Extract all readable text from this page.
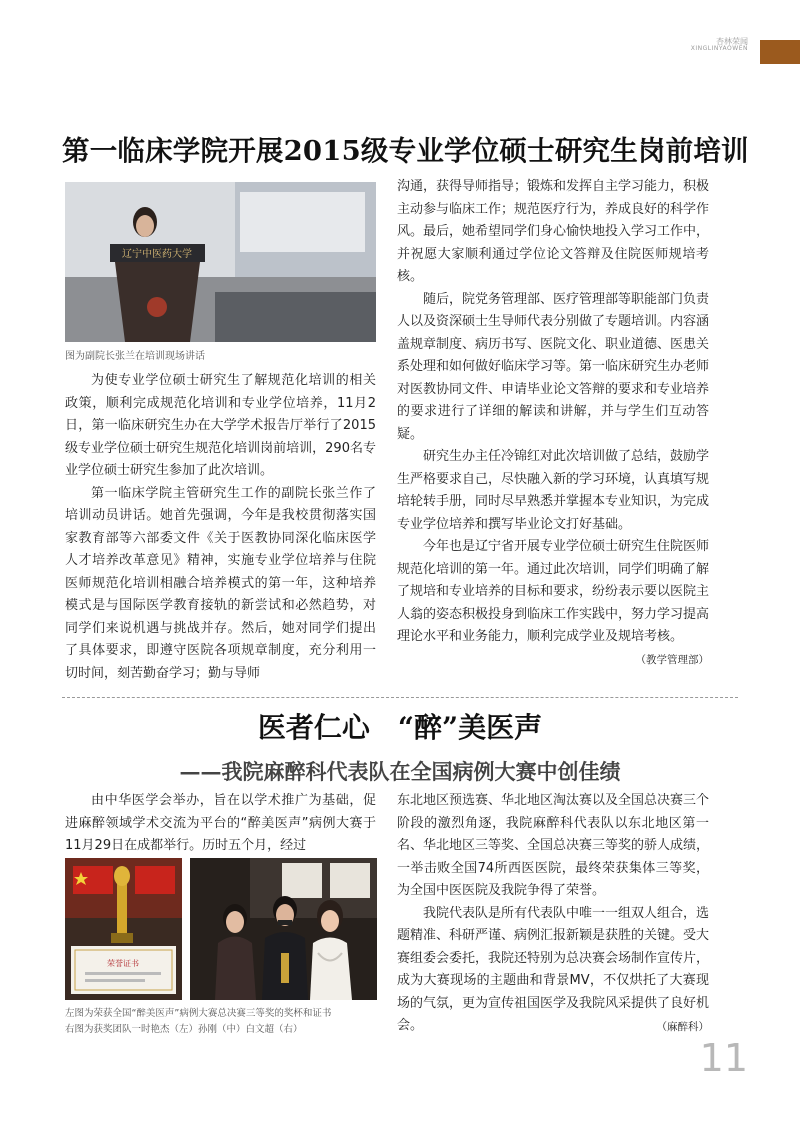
杏林荣闻
XINGLINYAOWEN
第一临床学院开展2015级专业学位硕士研究生岗前培训
辽宁中医药大学
图为副院长张兰在培训现场讲话

为使专业学位硕士研究生了解规范化培训的相关政策，顺利完成规范化培训和专业学位培养，11月2日，第一临床研究生办在大学学术报告厅举行了2015级专业学位硕士研究生规范化培训岗前培训，290名专业学位硕士研究生参加了此次培训。

第一临床学院主管研究生工作的副院长张兰作了培训动员讲话。她首先强调，今年是我校贯彻落实国家教育部等六部委文件《关于医教协同深化临床医学人才培养改革意见》精神，实施专业学位培养与住院医师规范化培训相融合培养模式的第一年，这种培养模式是与国际医学教育接轨的新尝试和必然趋势，对同学们来说机遇与挑战并存。然后，她对同学们提出了具体要求，即遵守医院各项规章制度，充分利用一切时间，刻苦勤奋学习；勤与导师

沟通，获得导师指导；锻炼和发挥自主学习能力，积极主动参与临床工作；规范医疗行为，养成良好的科学作风。最后，她希望同学们身心愉快地投入学习工作中，并祝愿大家顺利通过学位论文答辩及住院医师规培考核。

随后，院党务管理部、医疗管理部等职能部门负责人以及资深硕士生导师代表分别做了专题培训。内容涵盖规章制度、病历书写、医院文化、职业道德、医患关系处理和如何做好临床学习等。第一临床研究生办老师对医教协同文件、申请毕业论文答辩的要求和专业培养的要求进行了详细的解读和讲解，并与学生们互动答疑。

研究生办主任冷锦红对此次培训做了总结，鼓励学生严格要求自己，尽快融入新的学习环境，认真填写规培轮转手册，同时尽早熟悉并掌握本专业知识，为完成专业学位培养和撰写毕业论文打好基础。

今年也是辽宁省开展专业学位硕士研究生住院医师规范化培训的第一年。通过此次培训，同学们明确了解了规培和专业培养的目标和要求，纷纷表示要以医院主人翁的姿态积极投身到临床工作实践中，努力学习提高理论水平和业务能力，顺利完成学业及规培考核。

（教学管理部）

医者仁心　“醉”美医声
——我院麻醉科代表队在全国病例大赛中创佳绩

由中华医学会举办，旨在以学术推广为基础，促进麻醉领域学术交流为平台的“醉美医声”病例大赛于11月29日在成都举行。历时五个月，经过

荣誉证书
左图为荣获全国“醉美医声”病例大赛总决赛三等奖的奖杯和证书
右图为获奖团队一时艳杰（左）孙刚（中）白文超（右）

东北地区预选赛、华北地区淘汰赛以及全国总决赛三个阶段的激烈角逐，我院麻醉科代表队以东北地区第一名、华北地区三等奖、全国总决赛三等奖的骄人成绩，一举击败全国74所西医医院，最终荣获集体三等奖，为全国中医医院及我院争得了荣誉。

我院代表队是所有代表队中唯一一组双人组合，选题精准、科研严谨、病例汇报新颖是获胜的关键。受大赛组委会委托，我院还特别为总决赛会场制作宣传片，成为大赛现场的主题曲和背景MV，不仅烘托了大赛现场的气氛，更为宣传祖国医学及我院风采提供了良好机会。	（麻醉科）

11
